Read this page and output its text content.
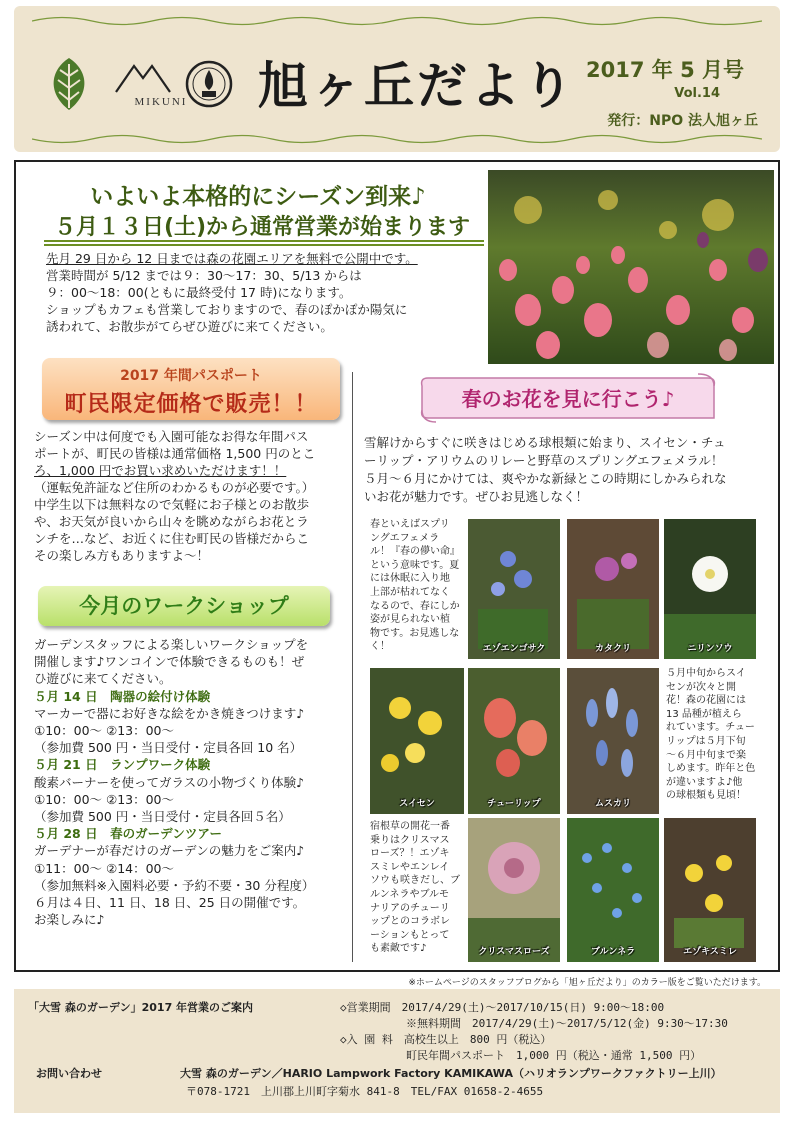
MIKUNI 旭ヶ丘だより 2017 年 5 月号
Vol.14
発行：NPO 法人旭ヶ丘
いよいよ本格的にシーズン到来♪
５月１３日(土)から通常営業が始まります

先月 29 日から 12 日までは森の花園エリアを無料で公開中です。

営業時間が 5/12 までは９：30〜17：30、5/13 からは

９：00〜18：00(ともに最終受付 17 時)になります。

ショップもカフェも営業しておりますので、春のぽかぽか陽気に

誘われて、お散歩がてらぜひ遊びに来てください。

2017 年間パスポート
町民限定価格で販売！！

シーズン中は何度でも入園可能なお得な年間パス

ポートが、町民の皆様は通常価格 1,500 円のとこ

ろ、1,000 円でお買い求めいただけます！！

（運転免許証など住所のわかるものが必要です。）

中学生以下は無料なので気軽にお子様とのお散歩

や、お天気が良いから山々を眺めながらお花とラ

ンチを…など、お近くに住む町民の皆様だからこ

その楽しみ方もありますよ〜！

今月のワークショップ

ガーデンスタッフによる楽しいワークショップを

開催します♪ワンコインで体験できるものも！ぜ

ひ遊びに来てください。

５月 14 日　陶器の絵付け体験

マーカーで器にお好きな絵をかき焼きつけます♪

①10：00〜 ②13：00〜

（参加費 500 円・当日受付・定員各回 10 名）

５月 21 日　ランプワーク体験

酸素バーナーを使ってガラスの小物づくり体験♪

①10：00〜 ②13：00〜

（参加費 500 円・当日受付・定員各回５名）

５月 28 日　春のガーデンツアー

ガーデナーが春だけのガーデンの魅力をご案内♪

①11：00〜 ②14：00〜

（参加無料※入園料必要・予約不要・30 分程度）

６月は４日、11 日、18 日、25 日の開催です。

お楽しみに♪

春のお花を見に行こう♪

雪解けからすぐに咲きはじめる球根類に始まり、スイセン・チュ

ーリップ・アリウムのリレーと野草のスプリングエフェメラル！

５月〜６月にかけては、爽やかな新緑とこの時期にしかみられな

いお花が魅力です。ぜひお見逃しなく！

春といえばスプリ

ングエフェメラ

ル！『春の儚い命』

という意味です。夏

には休眠に入り地

上部が枯れてなく

なるので、春にしか

姿が見られない植

物です。お見逃しな

く！

５月中旬からスイ

センが次々と開

花！森の花園には

13 品種が植えら

れています。チュー

リップは５月下旬

〜６月中旬まで楽

しめます。昨年と色

が違いますよ♪他

の球根類も見頃！

宿根草の開花一番

乗りはクリスマス

ローズ？！エゾキ

スミレやエンレイ

ソウも咲きだし、ブ

ルンネラやブルモ

ナリアのチューリ

ップとのコラボレ

ーションもとって

も素敵です♪

エゾエンゴサク	カタクリ	ニリンソウ
スイセン	チューリップ	ムスカリ
クリスマスローズ	ブルンネラ	エゾキスミレ
※ホームページのスタッフブログから「旭ヶ丘だより」のカラー版をご覧いただけます。
「大雪 森のガーデン」2017 年営業のご案内	◇営業期間　2017/4/29(土)〜2017/10/15(日) 9:00〜18:00
※無料期間　2017/4/29(土)〜2017/5/12(金) 9:30〜17:30
◇入 園 料　高校生以上　800 円（税込）
町民年間パスポート　1,000 円（税込・通常 1,500 円）
お問い合わせ	大雪 森のガーデン／HARIO Lampwork Factory KAMIKAWA（ハリオランプワークファクトリー上川）
〒078-1721　上川郡上川町字菊水 841-8　TEL/FAX 01658-2-4655
